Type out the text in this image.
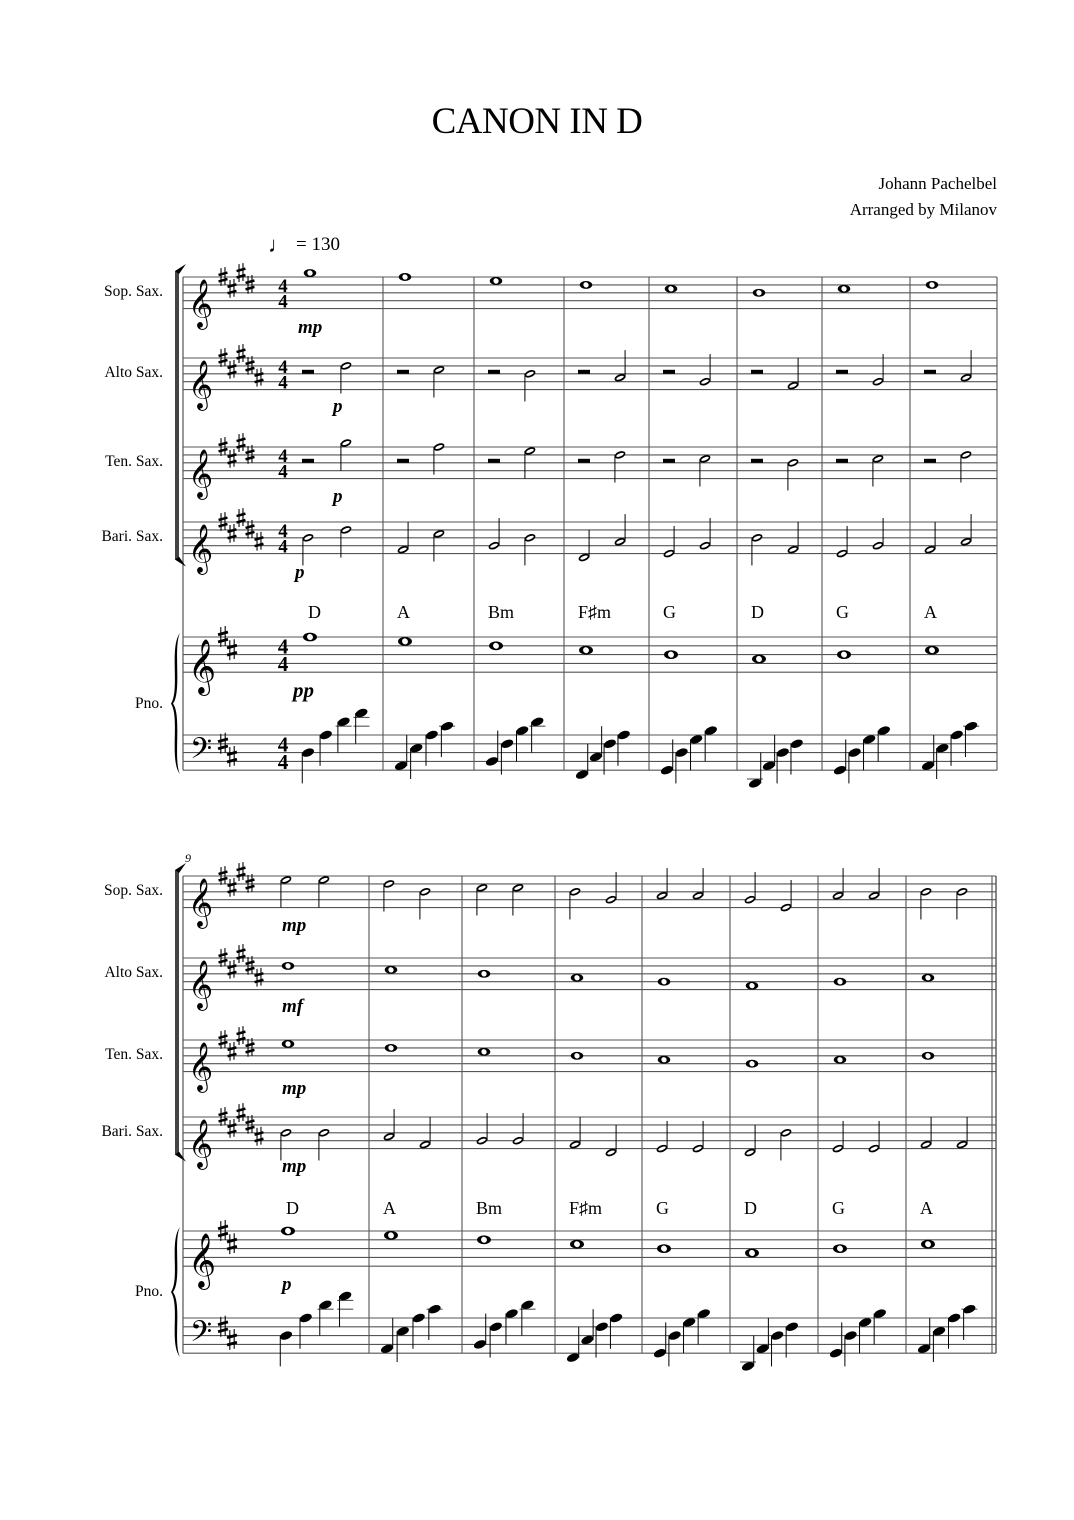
CANON IN D
Johann Pachelbel
Arranged by Milanov
♩ = 130
Sop. Sax.
Alto Sax.
Ten. Sax.
Bari. Sax.
Pno.
Sop. Sax.
Alto Sax.
Ten. Sax.
Bari. Sax.
Pno.
𝄞	4
4
𝄞	4
4
𝄞	4
4
𝄞	4
4
𝄞
𝄢
4
4
4
4
D	A	Bm	F♯m	G	D	G	A
mp
p
p
p
pp
9
𝄞
𝄞
𝄞
𝄞
𝄞
𝄢
D	A	Bm	F♯m	G	D	G	A
mp
mf
mp
mp
p
